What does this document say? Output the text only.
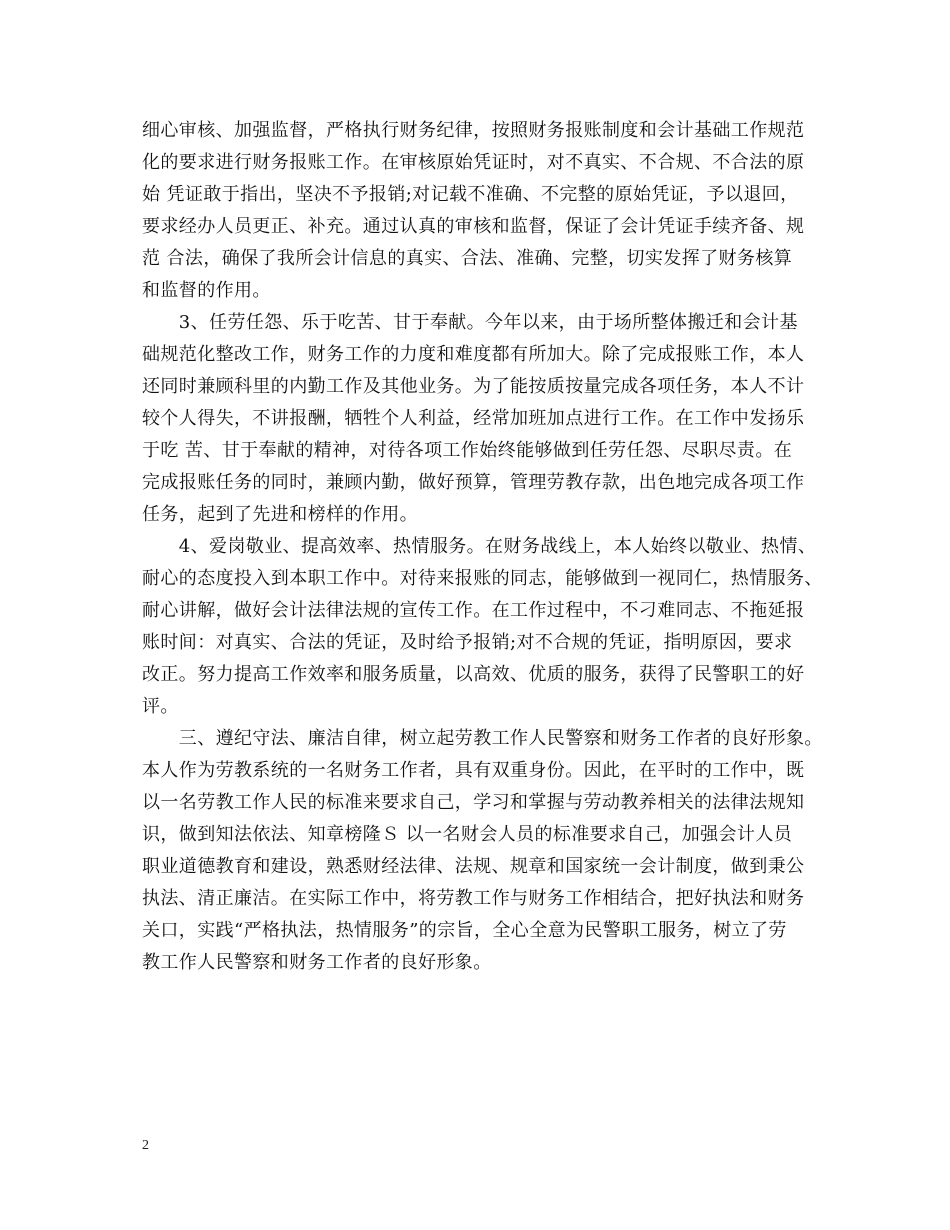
细心审核、加强监督，严格执行财务纪律，按照财务报账制度和会计基础工作规范
化的要求进行财务报账工作。在审核原始凭证时，对不真实、不合规、不合法的原
始 凭证敢于指出，坚决不予报销;对记载不准确、不完整的原始凭证，予以退回，
要求经办人员更正、补充。通过认真的审核和监督，保证了会计凭证手续齐备、规
范 合法，确保了我所会计信息的真实、合法、准确、完整，切实发挥了财务核算
和监督的作用。
　　3、任劳任怨、乐于吃苦、甘于奉献。今年以来，由于场所整体搬迁和会计基
础规范化整改工作，财务工作的力度和难度都有所加大。除了完成报账工作，本人
还同时兼顾科里的内勤工作及其他业务。为了能按质按量完成各项任务，本人不计
较个人得失，不讲报酬，牺牲个人利益，经常加班加点进行工作。在工作中发扬乐
于吃 苦、甘于奉献的精神，对待各项工作始终能够做到任劳任怨、尽职尽责。在
完成报账任务的同时，兼顾内勤，做好预算，管理劳教存款，出色地完成各项工作
任务，起到了先进和榜样的作用。
　　4、爱岗敬业、提高效率、热情服务。在财务战线上，本人始终以敬业、热情、
耐心的态度投入到本职工作中。对待来报账的同志，能够做到一视同仁，热情服务、
耐心讲解，做好会计法律法规的宣传工作。在工作过程中，不刁难同志、不拖延报
账时间：对真实、合法的凭证，及时给予报销;对不合规的凭证，指明原因，要求
改正。努力提高工作效率和服务质量，以高效、优质的服务，获得了民警职工的好
评。
　　三、遵纪守法、廉洁自律，树立起劳教工作人民警察和财务工作者的良好形象。
本人作为劳教系统的一名财务工作者，具有双重身份。因此，在平时的工作中，既
以一名劳教工作人民的标准来要求自己，学习和掌握与劳动教养相关的法律法规知
识，做到知法依法、知章榜隆Ｓ 以一名财会人员的标准要求自己，加强会计人员
职业道德教育和建设，熟悉财经法律、法规、规章和国家统一会计制度，做到秉公
执法、清正廉洁。在实际工作中，将劳教工作与财务工作相结合，把好执法和财务
关口，实践“严格执法，热情服务”的宗旨，全心全意为民警职工服务，树立了劳
教工作人民警察和财务工作者的良好形象。
2
